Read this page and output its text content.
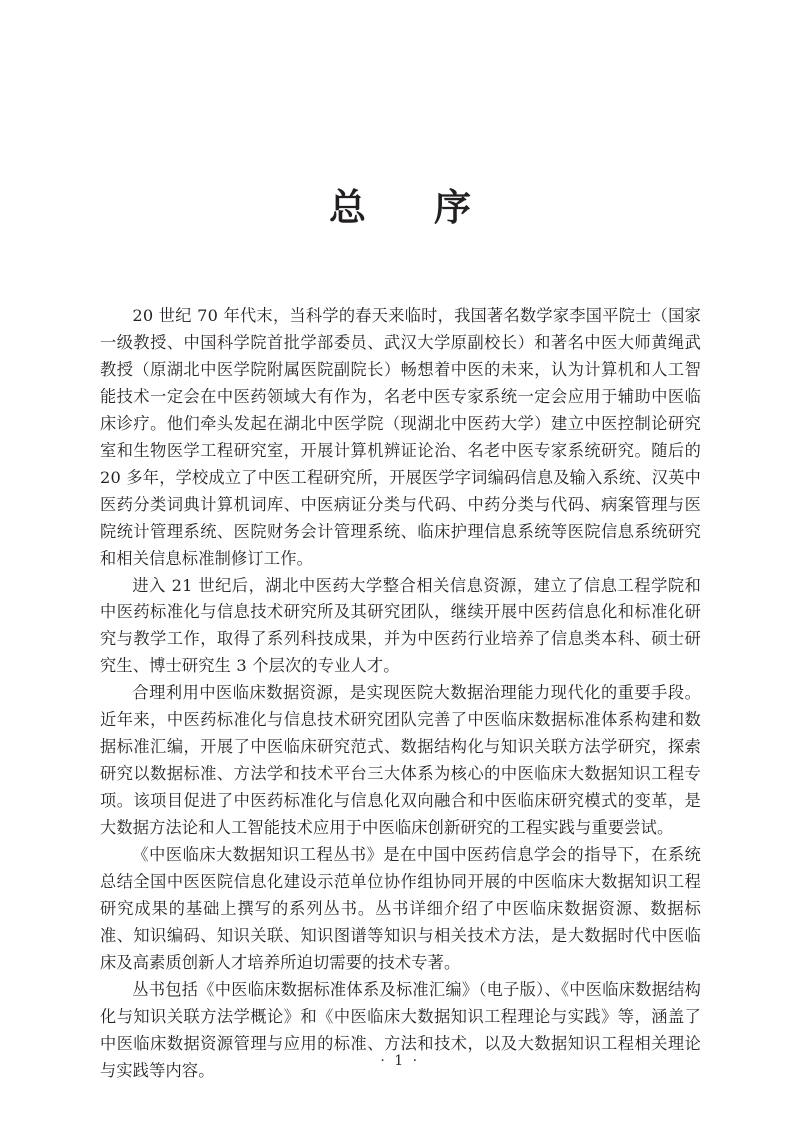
总　序

20 世纪 70 年代末，当科学的春天来临时，我国著名数学家李国平院士（国家一级教授、中国科学院首批学部委员、武汉大学原副校长）和著名中医大师黄绳武教授（原湖北中医学院附属医院副院长）畅想着中医的未来，认为计算机和人工智能技术一定会在中医药领域大有作为，名老中医专家系统一定会应用于辅助中医临床诊疗。他们牵头发起在湖北中医学院（现湖北中医药大学）建立中医控制论研究室和生物医学工程研究室，开展计算机辨证论治、名老中医专家系统研究。随后的 20 多年，学校成立了中医工程研究所，开展医学字词编码信息及输入系统、汉英中医药分类词典计算机词库、中医病证分类与代码、中药分类与代码、病案管理与医院统计管理系统、医院财务会计管理系统、临床护理信息系统等医院信息系统研究和相关信息标准制修订工作。

进入 21 世纪后，湖北中医药大学整合相关信息资源，建立了信息工程学院和中医药标准化与信息技术研究所及其研究团队，继续开展中医药信息化和标准化研究与教学工作，取得了系列科技成果，并为中医药行业培养了信息类本科、硕士研究生、博士研究生 3 个层次的专业人才。

合理利用中医临床数据资源，是实现医院大数据治理能力现代化的重要手段。近年来，中医药标准化与信息技术研究团队完善了中医临床数据标准体系构建和数据标准汇编，开展了中医临床研究范式、数据结构化与知识关联方法学研究，探索研究以数据标准、方法学和技术平台三大体系为核心的中医临床大数据知识工程专项。该项目促进了中医药标准化与信息化双向融合和中医临床研究模式的变革，是大数据方法论和人工智能技术应用于中医临床创新研究的工程实践与重要尝试。

《中医临床大数据知识工程丛书》是在中国中医药信息学会的指导下，在系统总结全国中医医院信息化建设示范单位协作组协同开展的中医临床大数据知识工程研究成果的基础上撰写的系列丛书。丛书详细介绍了中医临床数据资源、数据标准、知识编码、知识关联、知识图谱等知识与相关技术方法，是大数据时代中医临床及高素质创新人才培养所迫切需要的技术专著。

丛书包括《中医临床数据标准体系及标准汇编》（电子版）、《中医临床数据结构化与知识关联方法学概论》和《中医临床大数据知识工程理论与实践》等，涵盖了中医临床数据资源管理与应用的标准、方法和技术，以及大数据知识工程相关理论与实践等内容。	· 1 ·
